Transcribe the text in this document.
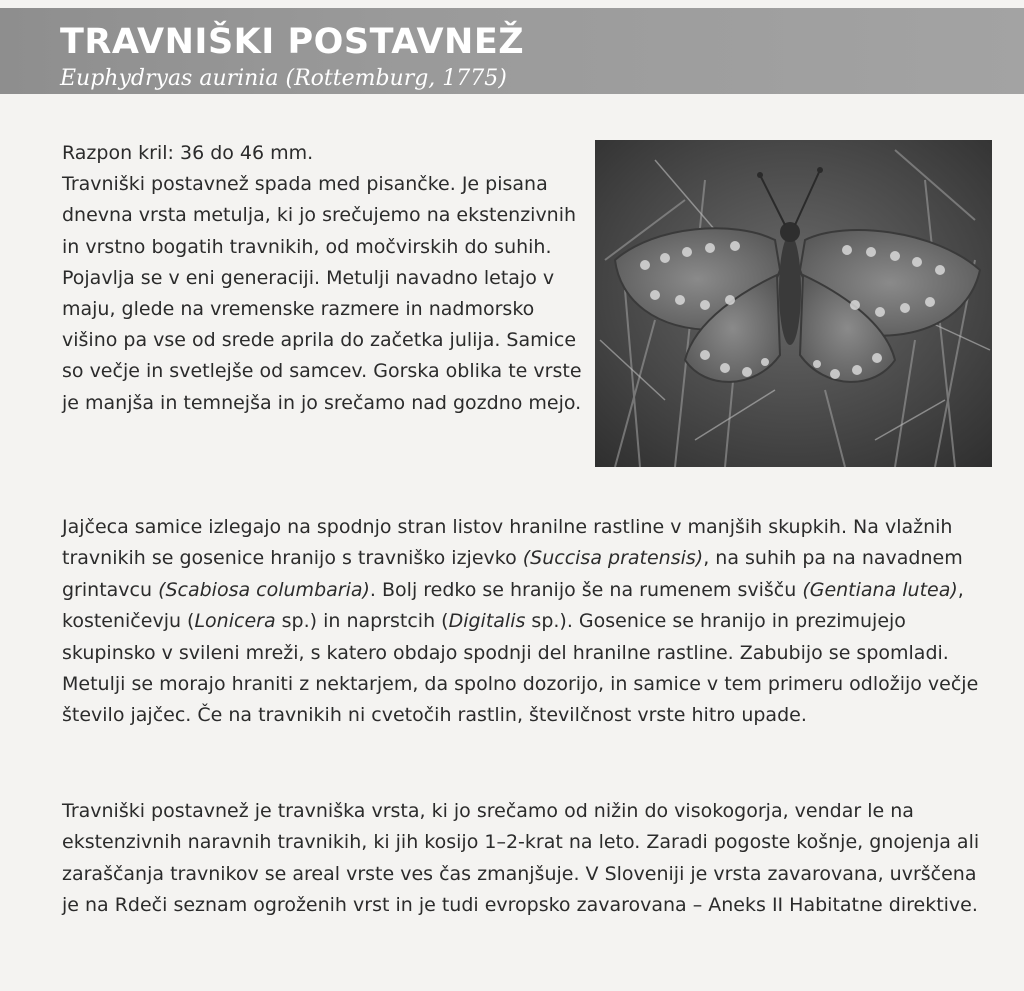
TRAVNIŠKI POSTAVNEŽ

Euphydryas aurinia (Rottemburg, 1775)

Razpon kril: 36 do 46 mm.

Travniški postavnež spada med pisančke. Je pisana dnevna vrsta metulja, ki jo srečujemo na ekstenzivnih in vrstno bogatih travnikih, od močvirskih do suhih. Pojavlja se v eni generaciji. Metulji navadno letajo v maju, glede na vremenske razmere in nadmorsko višino pa vse od srede aprila do začetka julija. Samice so večje in svetlejše od samcev. Gorska oblika te vrste je manjša in temnejša in jo srečamo nad gozdno mejo.

Jajčeca samice izlegajo na spodnjo stran listov hranilne rastline v manjših skupkih. Na vlažnih travnikih se gosenice hranijo s travniško izjevko (Succisa pratensis), na suhih pa na navadnem grintavcu (Scabiosa columbaria). Bolj redko se hranijo še na rumenem svišču (Gentiana lutea), kosteničevju (Lonicera sp.) in naprstcih (Digitalis sp.). Gosenice se hranijo in prezimujejo skupinsko v svileni mreži, s katero obdajo spodnji del hranilne rastline. Zabubijo se spomladi. Metulji se morajo hraniti z nektarjem, da spolno dozorijo, in samice v tem primeru odložijo večje število jajčec. Če na travnikih ni cvetočih rastlin, številčnost vrste hitro upade.

Travniški postavnež je travniška vrsta, ki jo srečamo od nižin do visokogorja, vendar le na ekstenzivnih naravnih travnikih, ki jih kosijo 1–2-krat na leto. Zaradi pogoste košnje, gnojenja ali zaraščanja travnikov se areal vrste ves čas zmanjšuje. V Sloveniji je vrsta zavarovana, uvrščena je na Rdeči seznam ogroženih vrst in je tudi evropsko zavarovana – Aneks II Habitatne direktive.
